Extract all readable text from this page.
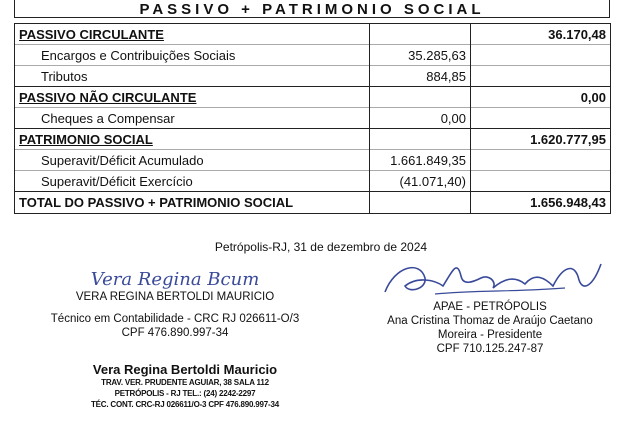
PASSIVO + PATRIMONIO SOCIAL
PASSIVO CIRCULANTE		36.170,48
Encargos e Contribuições Sociais	35.285,63	
Tributos	884,85	
PASSIVO NÃO CIRCULANTE		0,00
Cheques a Compensar	0,00	
PATRIMONIO SOCIAL		1.620.777,95
Superavit/Déficit Acumulado	1.661.849,35	
Superavit/Déficit Exercício	(41.071,40)	
TOTAL DO PASSIVO + PATRIMONIO SOCIAL		1.656.948,43
Petrópolis-RJ, 31 de dezembro de 2024
Vera Regina Bcum
VERA REGINA BERTOLDI MAURICIO
Técnico em Contabilidade - CRC RJ 026611-O/3
CPF 476.890.997-34
Vera Regina Bertoldi Mauricio
TRAV. VER. PRUDENTE AGUIAR, 38 SALA 112
PETRÓPOLIS - RJ TEL.: (24) 2242-2297
TÉC. CONT. CRC-RJ 026611/O-3 CPF 476.890.997-34
APAE - PETRÓPOLIS
Ana Cristina Thomaz de Araújo Caetano
Moreira - Presidente
CPF 710.125.247-87
